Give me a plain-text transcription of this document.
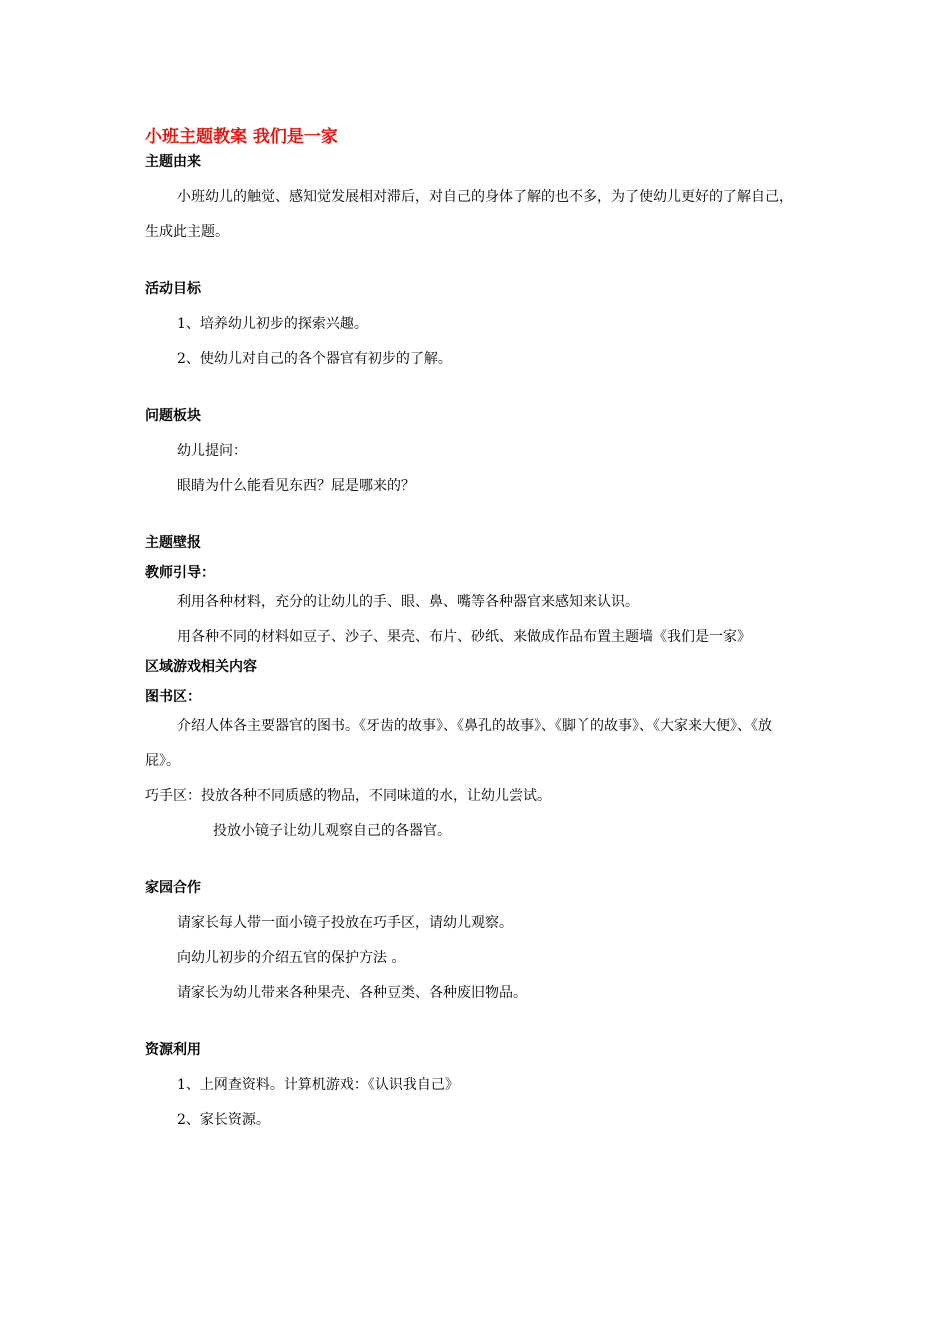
小班主题教案 我们是一家
主题由来

小班幼儿的触觉、感知觉发展相对滞后，对自己的身体了解的也不多，为了使幼儿更好的了解自己，生成此主题。

活动目标

1、培养幼儿初步的探索兴趣。

2、使幼儿对自己的各个器官有初步的了解。

问题板块

幼儿提问：

眼睛为什么能看见东西？屁是哪来的？

主题壁报
教师引导：

利用各种材料，充分的让幼儿的手、眼、鼻、嘴等各种器官来感知来认识。

用各种不同的材料如豆子、沙子、果壳、布片、砂纸、来做成作品布置主题墙《我们是一家》

区域游戏相关内容
图书区：

介绍人体各主要器官的图书。《牙齿的故事》、《鼻孔的故事》、《脚丫的故事》、《大家来大便》、《放屁》。

巧手区：投放各种不同质感的物品，不同味道的水，让幼儿尝试。

投放小镜子让幼儿观察自己的各器官。

家园合作

请家长每人带一面小镜子投放在巧手区，请幼儿观察。

向幼儿初步的介绍五官的保护方法 。

请家长为幼儿带来各种果壳、各种豆类、各种废旧物品。

资源利用

1、上网查资料。计算机游戏：《认识我自己》

2、家长资源。
